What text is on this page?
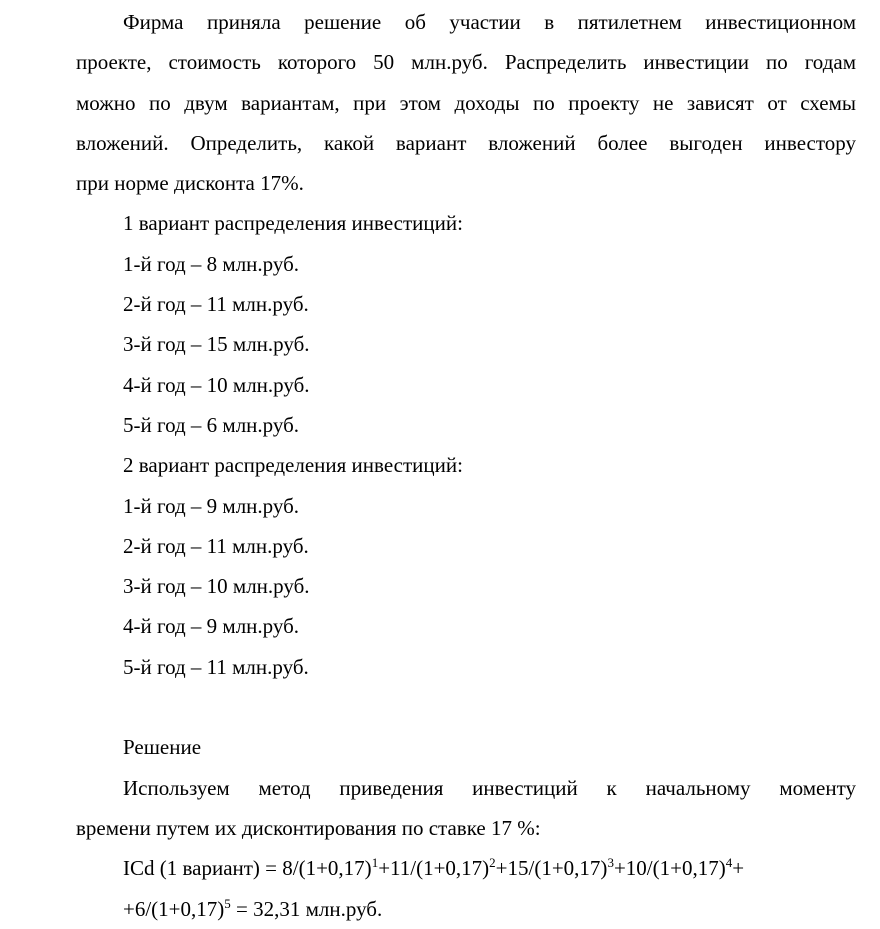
Фирма приняла решение об участии в пятилетнем инвестиционном
проекте, стоимость которого 50 млн.руб. Распределить инвестиции по годам
можно по двум вариантам, при этом доходы по проекту не зависят от схемы
вложений. Определить, какой вариант вложений более выгоден инвестору
при норме дисконта 17%.
1 вариант распределения инвестиций:
1-й год – 8 млн.руб.
2-й год – 11 млн.руб.
3-й год – 15 млн.руб.
4-й год – 10 млн.руб.
5-й год – 6 млн.руб.
2 вариант распределения инвестиций:
1-й год – 9 млн.руб.
2-й год – 11 млн.руб.
3-й год – 10 млн.руб.
4-й год – 9 млн.руб.
5-й год – 11 млн.руб.
Решение
Используем метод приведения инвестиций к начальному моменту
времени путем их дисконтирования по ставке 17 %:
ICd (1 вариант) = $8/(1+0,17)^1+11/(1+0,17)^2+15/(1+0,17)^3+10/(1+0,17)^4+$
$+6/(1+0,17)^5 = 32,31$ млн.руб.
